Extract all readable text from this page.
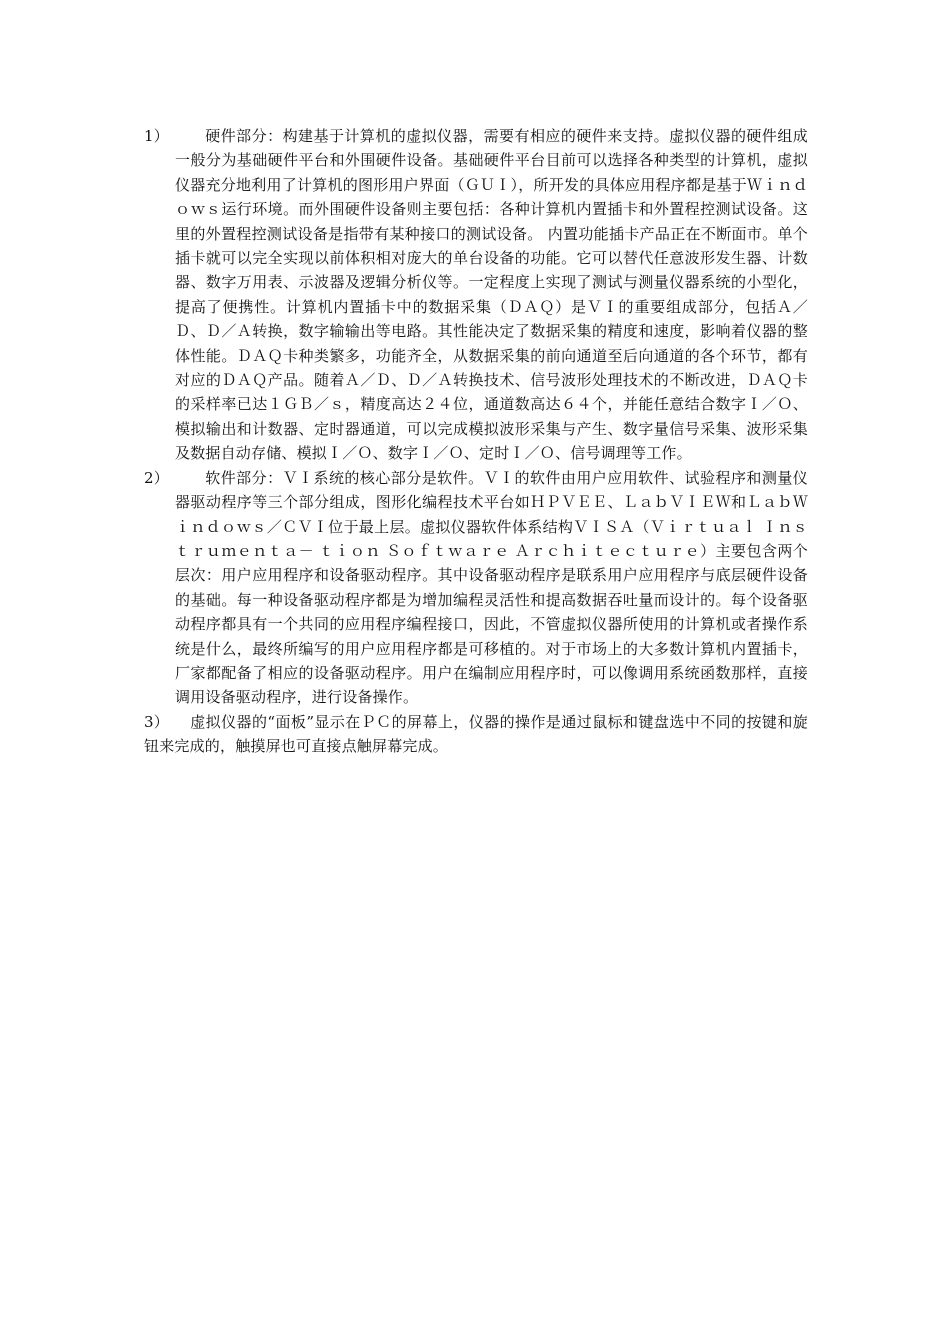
1） 硬件部分：构建基于计算机的虚拟仪器，需要有相应的硬件来支持。虚拟仪器的硬件组成一般分为基础硬件平台和外围硬件设备。基础硬件平台目前可以选择各种类型的计算机，虚拟仪器充分地利用了计算机的图形用户界面（ＧＵＩ），所开发的具体应用程序都是基于Ｗｉｎｄｏｗｓ运行环境。而外围硬件设备则主要包括：各种计算机内置插卡和外置程控测试设备。这里的外置程控测试设备是指带有某种接口的测试设备。 内置功能插卡产品正在不断面市。单个插卡就可以完全实现以前体积相对庞大的单台设备的功能。它可以替代任意波形发生器、计数器、数字万用表、示波器及逻辑分析仪等。一定程度上实现了测试与测量仪器系统的小型化，提高了便携性。计算机内置插卡中的数据采集（ＤＡＱ）是ＶＩ的重要组成部分，包括Ａ／Ｄ、Ｄ／Ａ转换，数字输输出等电路。其性能决定了数据采集的精度和速度，影响着仪器的整体性能。ＤＡＱ卡种类繁多，功能齐全，从数据采集的前向通道至后向通道的各个环节，都有对应的ＤＡＱ产品。随着Ａ／Ｄ、Ｄ／Ａ转换技术、信号波形处理技术的不断改进，ＤＡＱ卡的采样率已达１ＧＢ／ｓ，精度高达２４位，通道数高达６４个，并能任意结合数字Ｉ／Ｏ、模拟输出和计数器、定时器通道，可以完成模拟波形采集与产生、数字量信号采集、波形采集及数据自动存储、模拟Ｉ／Ｏ、数字Ｉ／Ｏ、定时Ｉ／Ｏ、信号调理等工作。

2） 软件部分：ＶＩ系统的核心部分是软件。ＶＩ的软件由用户应用软件、试验程序和测量仪器驱动程序等三个部分组成，图形化编程技术平台如ＨＰＶＥＥ、ＬａｂＶＩＥＷ和ＬａｂＷｉｎｄｏｗｓ／ＣＶＩ位于最上层。虚拟仪器软件体系结构ＶＩＳＡ（Ｖｉｒｔｕａｌ Ｉｎｓｔｒｕｍｅｎｔａ－ ｔｉｏｎ Ｓｏｆｔｗａｒｅ Ａｒｃｈｉｔｅｃｔｕｒｅ）主要包含两个层次：用户应用程序和设备驱动程序。其中设备驱动程序是联系用户应用程序与底层硬件设备的基础。每一种设备驱动程序都是为增加编程灵活性和提高数据吞吐量而设计的。每个设备驱动程序都具有一个共同的应用程序编程接口，因此，不管虚拟仪器所使用的计算机或者操作系统是什么，最终所编写的用户应用程序都是可移植的。对于市场上的大多数计算机内置插卡，厂家都配备了相应的设备驱动程序。用户在编制应用程序时，可以像调用系统函数那样，直接调用设备驱动程序，进行设备操作。

3） 虚拟仪器的“面板”显示在ＰＣ的屏幕上，仪器的操作是通过鼠标和键盘选中不同的按键和旋钮来完成的，触摸屏也可直接点触屏幕完成。
